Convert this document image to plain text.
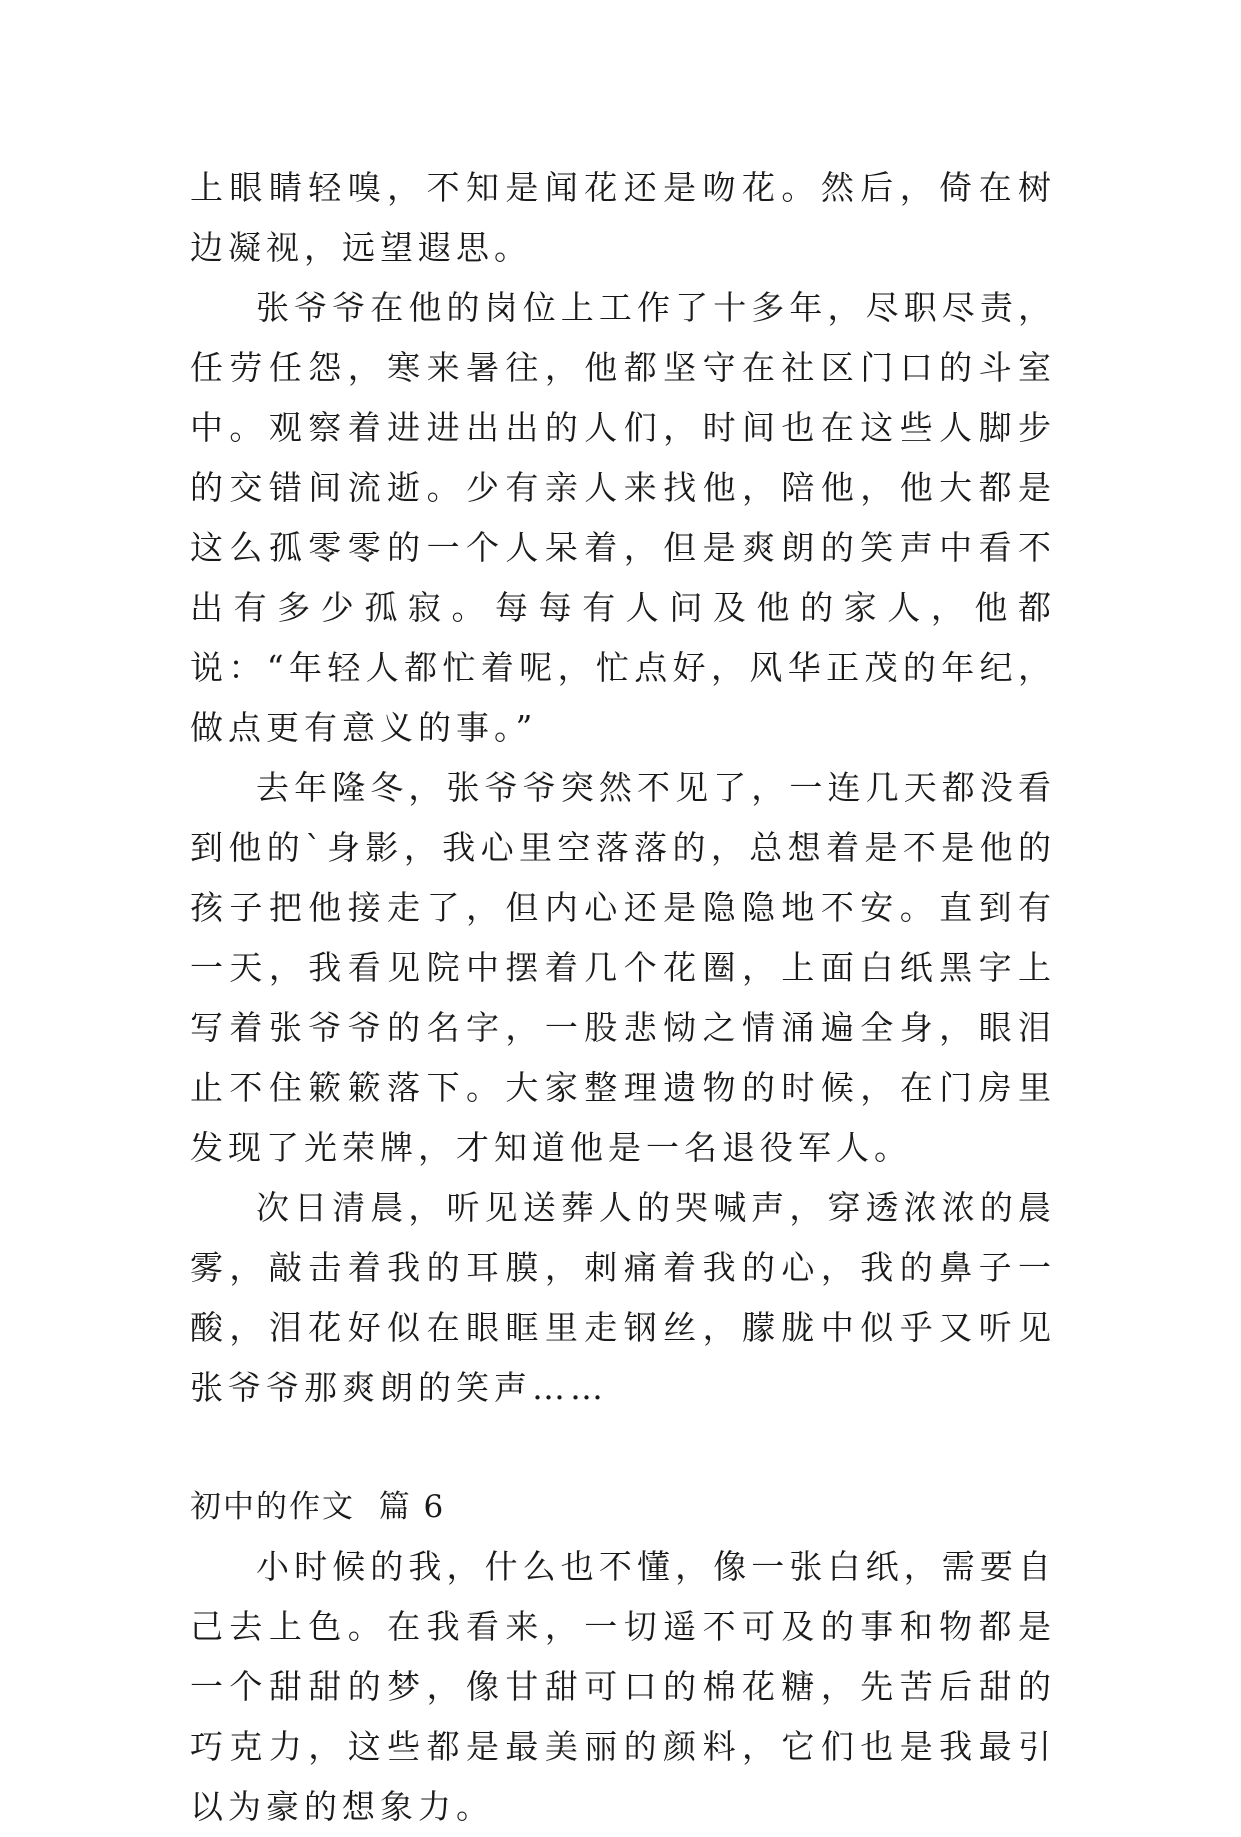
上眼睛轻嗅，不知是闻花还是吻花。然后，倚在树边凝视，远望遐思。

张爷爷在他的岗位上工作了十多年，尽职尽责，任劳任怨，寒来暑往，他都坚守在社区门口的斗室中。观察着进进出出的人们，时间也在这些人脚步的交错间流逝。少有亲人来找他，陪他，他大都是这么孤零零的一个人呆着，但是爽朗的笑声中看不出有多少孤寂。每每有人问及他的家人，他都说：“年轻人都忙着呢，忙点好，风华正茂的年纪，做点更有意义的事。”

去年隆冬，张爷爷突然不见了，一连几天都没看到他的`身影，我心里空落落的，总想着是不是他的孩子把他接走了，但内心还是隐隐地不安。直到有一天，我看见院中摆着几个花圈，上面白纸黑字上写着张爷爷的名字，一股悲恸之情涌遍全身，眼泪止不住簌簌落下。大家整理遗物的时候，在门房里发现了光荣牌，才知道他是一名退役军人。

次日清晨，听见送葬人的哭喊声，穿透浓浓的晨雾，敲击着我的耳膜，刺痛着我的心，我的鼻子一酸，泪花好似在眼眶里走钢丝，朦胧中似乎又听见张爷爷那爽朗的笑声……

初中的作文  篇 6

小时候的我，什么也不懂，像一张白纸，需要自己去上色。在我看来，一切遥不可及的事和物都是一个甜甜的梦，像甘甜可口的棉花糖，先苦后甜的巧克力，这些都是最美丽的颜料，它们也是我最引以为豪的想象力。
